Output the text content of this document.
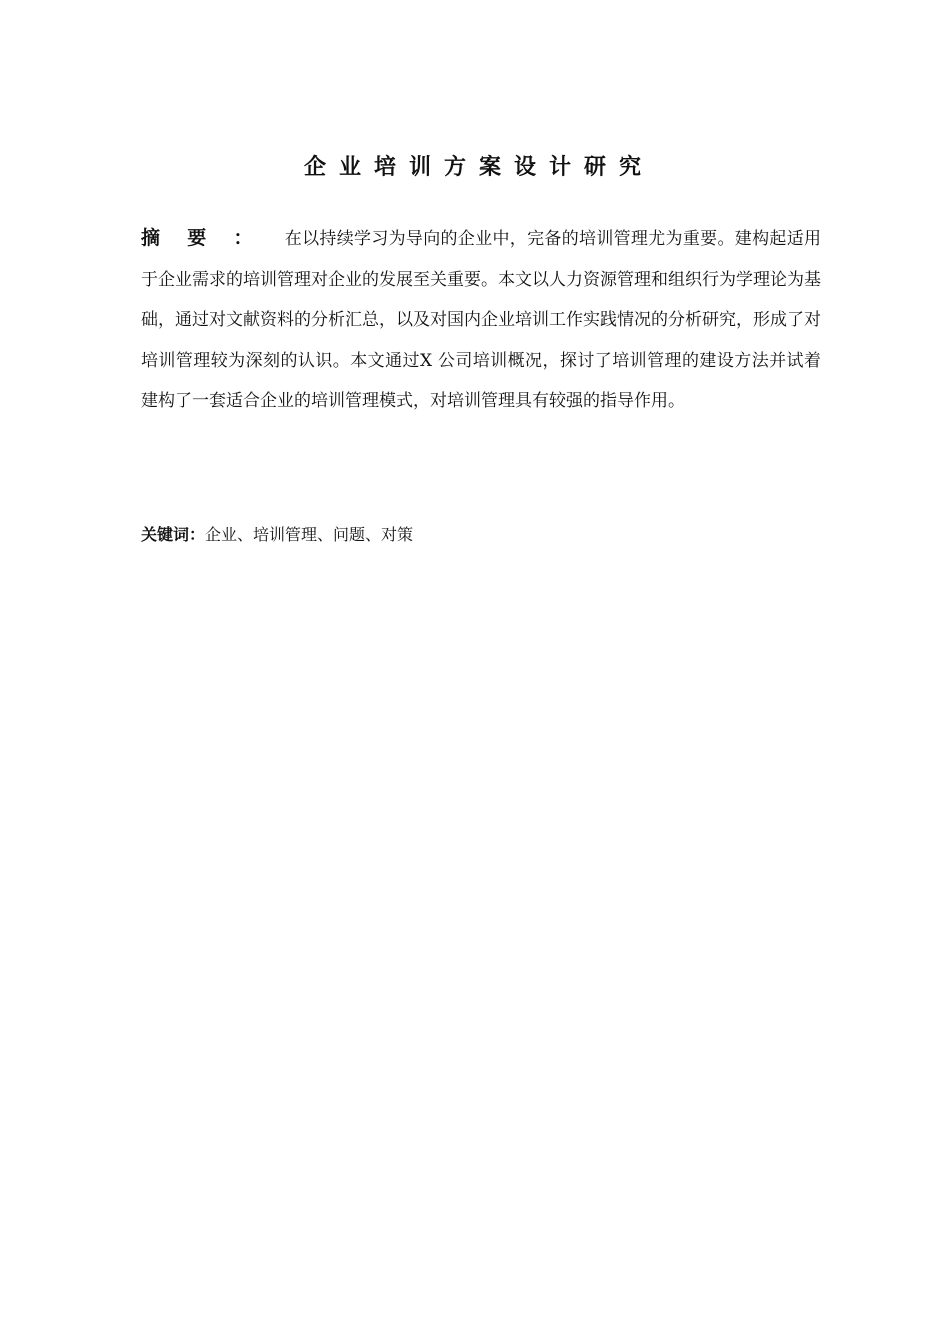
企业培训方案设计研究
摘 要 ： 在以持续学习为导向的企业中，完备的培训管理尤为重要。建构起适用于企业需求的培训管理对企业的发展至关重要。本文以人力资源管理和组织行为学理论为基础，通过对文献资料的分析汇总，以及对国内企业培训工作实践情况的分析研究，形成了对培训管理较为深刻的认识。本文通过X 公司培训概况，探讨了培训管理的建设方法并试着建构了一套适合企业的培训管理模式，对培训管理具有较强的指导作用。
关键词：企业、培训管理、问题、对策
